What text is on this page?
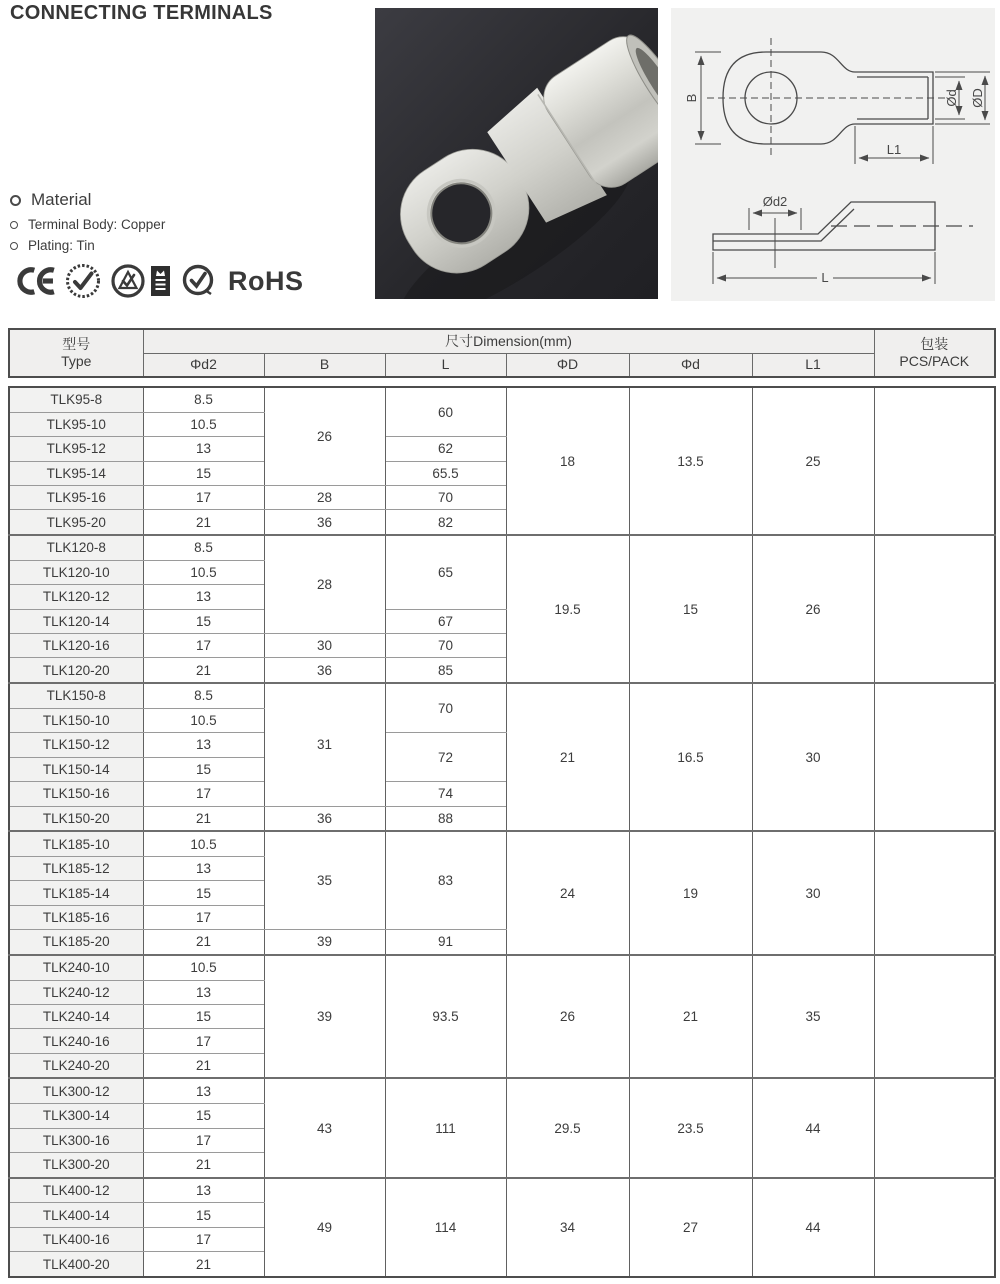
CONNECTING TERMINALS
B	Ød ØD
L1
Ød2
L
Material
Terminal Body: Copper
Plating: Tin
RoHS
型号
Type
	尺寸Dimension(mm)	包装
PCS/PACK

	Φd2	B	L	ΦD	Φd	L1	
TLK95-8	8.5	26	60	18	13.5	25	
TLK95-10	10.5						
TLK95-12	13		62				
TLK95-14	15		65.5				
TLK95-16	17	28	70				
TLK95-20	21	36	82				
TLK120-8	8.5	28	65	19.5	15	26	
TLK120-10	10.5						
TLK120-12	13						
TLK120-14	15		67				
TLK120-16	17	30	70				
TLK120-20	21	36	85				
TLK150-8	8.5	31	70	21	16.5	30	
TLK150-10	10.5						
TLK150-12	13		72				
TLK150-14	15						
TLK150-16	17		74				
TLK150-20	21	36	88				
TLK185-10	10.5	35	83	24	19	30	
TLK185-12	13						
TLK185-14	15						
TLK185-16	17						
TLK185-20	21	39	91				
TLK240-10	10.5	39	93.5	26	21	35	
TLK240-12	13						
TLK240-14	15						
TLK240-16	17						
TLK240-20	21						
TLK300-12	13	43	111	29.5	23.5	44	
TLK300-14	15						
TLK300-16	17						
TLK300-20	21						
TLK400-12	13	49	114	34	27	44	
TLK400-14	15						
TLK400-16	17						
TLK400-20	21						
